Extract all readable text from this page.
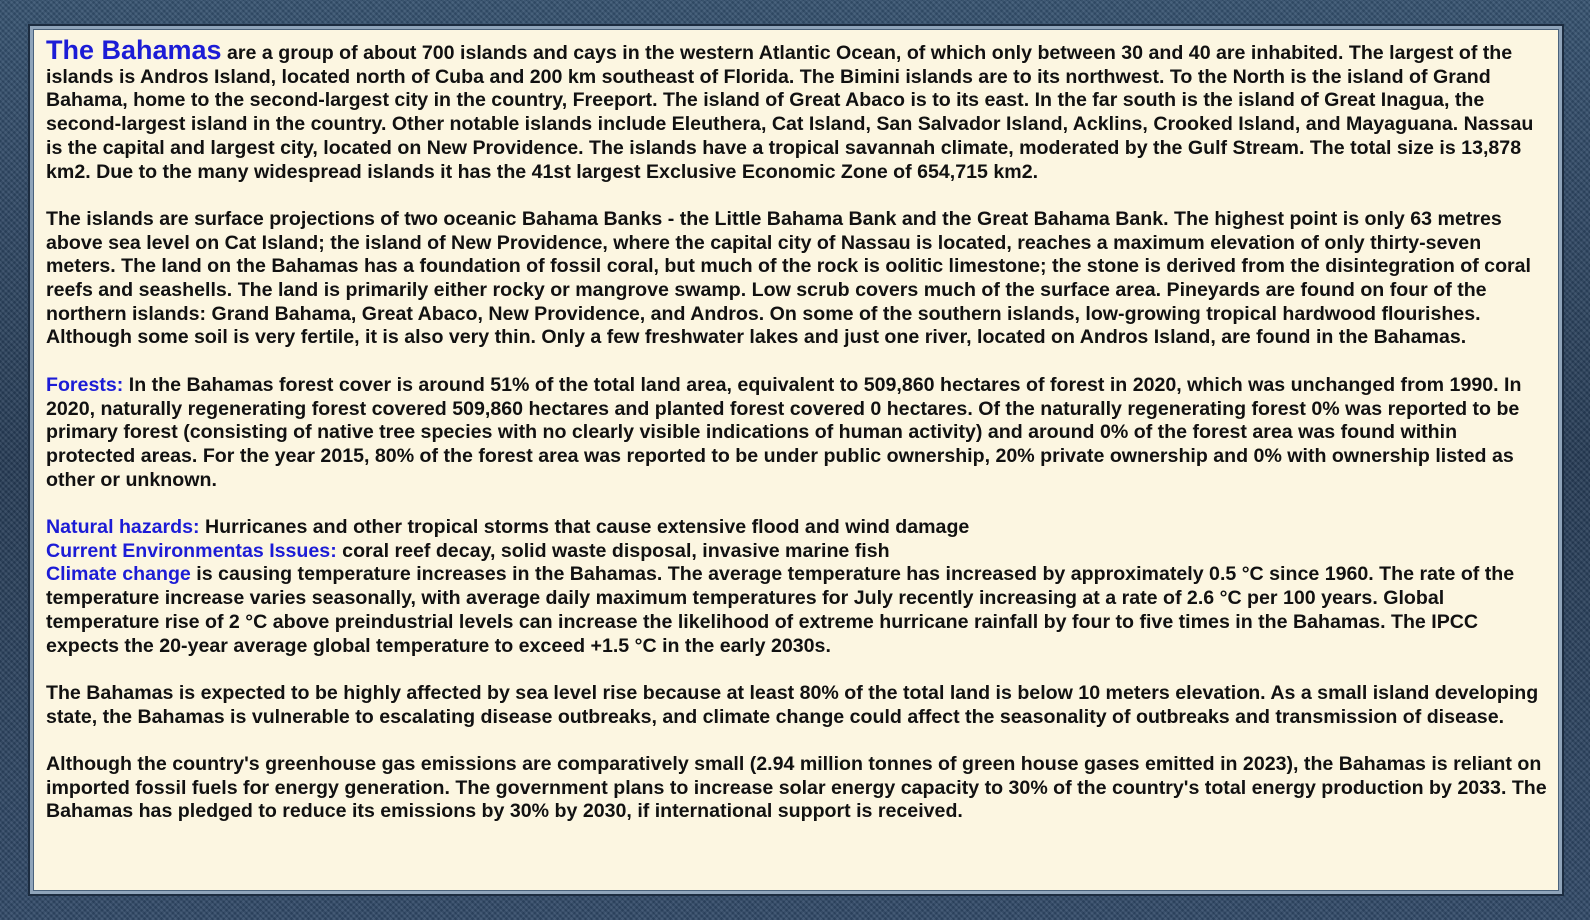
The Bahamas are a group of about 700 islands and cays in the western Atlantic Ocean, of which only between 30 and 40 are inhabited. The largest of the islands is Andros Island, located north of Cuba and 200 km southeast of Florida. The Bimini islands are to its northwest. To the North is the island of Grand Bahama, home to the second-largest city in the country, Freeport. The island of Great Abaco is to its east. In the far south is the island of Great Inagua, the second-largest island in the country. Other notable islands include Eleuthera, Cat Island, San Salvador Island, Acklins, Crooked Island, and Mayaguana. Nassau is the capital and largest city, located on New Providence. The islands have a tropical savannah climate, moderated by the Gulf Stream. The total size is 13,878 km2. Due to the many widespread islands it has the 41st largest Exclusive Economic Zone of 654,715 km2.

The islands are surface projections of two oceanic Bahama Banks - the Little Bahama Bank and the Great Bahama Bank. The highest point is only 63 metres above sea level on Cat Island; the island of New Providence, where the capital city of Nassau is located, reaches a maximum elevation of only thirty-seven meters. The land on the Bahamas has a foundation of fossil coral, but much of the rock is oolitic limestone; the stone is derived from the disintegration of coral reefs and seashells. The land is primarily either rocky or mangrove swamp. Low scrub covers much of the surface area. Pineyards are found on four of the northern islands: Grand Bahama, Great Abaco, New Providence, and Andros. On some of the southern islands, low-growing tropical hardwood flourishes. Although some soil is very fertile, it is also very thin. Only a few freshwater lakes and just one river, located on Andros Island, are found in the Bahamas.

Forests: In the Bahamas forest cover is around 51% of the total land area, equivalent to 509,860 hectares of forest in 2020, which was unchanged from 1990. In 2020, naturally regenerating forest covered 509,860 hectares and planted forest covered 0 hectares. Of the naturally regenerating forest 0% was reported to be primary forest (consisting of native tree species with no clearly visible indications of human activity) and around 0% of the forest area was found within protected areas. For the year 2015, 80% of the forest area was reported to be under public ownership, 20% private ownership and 0% with ownership listed as other or unknown.

Natural hazards: Hurricanes and other tropical storms that cause extensive flood and wind damage

Current Environmentas Issues: coral reef decay, solid waste disposal, invasive marine fish

Climate change is causing temperature increases in the Bahamas. The average temperature has increased by approximately 0.5 °C since 1960. The rate of the temperature increase varies seasonally, with average daily maximum temperatures for July recently increasing at a rate of 2.6 °C per 100 years. Global temperature rise of 2 °C above preindustrial levels can increase the likelihood of extreme hurricane rainfall by four to five times in the Bahamas. The IPCC expects the 20-year average global temperature to exceed +1.5 °C in the early 2030s.

The Bahamas is expected to be highly affected by sea level rise because at least 80% of the total land is below 10 meters elevation. As a small island developing state, the Bahamas is vulnerable to escalating disease outbreaks, and climate change could affect the seasonality of outbreaks and transmission of disease.

Although the country's greenhouse gas emissions are comparatively small (2.94 million tonnes of green house gases emitted in 2023), the Bahamas is reliant on imported fossil fuels for energy generation. The government plans to increase solar energy capacity to 30% of the country's total energy production by 2033. The Bahamas has pledged to reduce its emissions by 30% by 2030, if international support is received.
